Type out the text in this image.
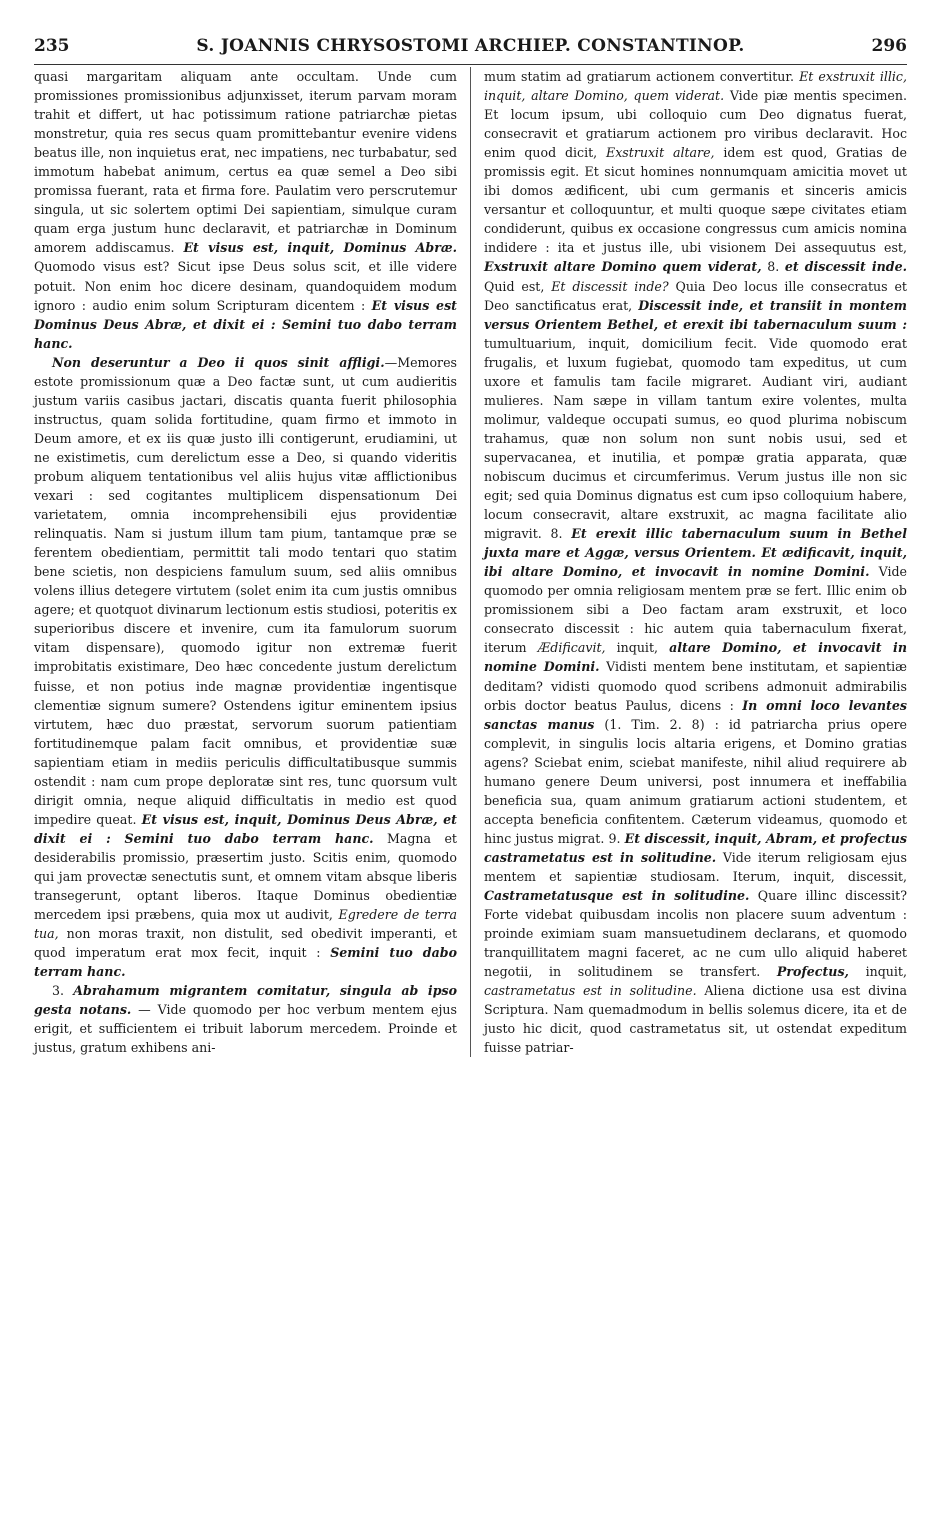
235	S. JOANNIS CHRYSOSTOMI ARCHIEP. CONSTANTINOP.	296

quasi margaritam aliquam ante occultam. Unde cum promissiones promissionibus adjunxisset, iterum parvam moram trahit et differt, ut hac potissimum ratione patriarchæ pietas monstretur, quia res secus quam promittebantur evenire videns beatus ille, non inquietus erat, nec impatiens, nec turbabatur, sed immotum habebat animum, certus ea quæ semel a Deo sibi promissa fuerant, rata et firma fore. Paulatim vero perscrutemur singula, ut sic solertem optimi Dei sapientiam, simulque curam quam erga justum hunc declaravit, et patriarchæ in Dominum amorem addiscamus. Et visus est, inquit, Dominus Abræ. Quomodo visus est? Sicut ipse Deus solus scit, et ille videre potuit. Non enim hoc dicere desinam, quandoquidem modum ignoro : audio enim solum Scripturam dicentem : Et visus est Dominus Deus Abræ, et dixit ei : Semini tuo dabo terram hanc.

Non deseruntur a Deo ii quos sinit affligi.—Memores estote promissionum quæ a Deo factæ sunt, ut cum audieritis justum variis casibus jactari, discatis quanta fuerit philosophia instructus, quam solida fortitudine, quam firmo et immoto in Deum amore, et ex iis quæ justo illi contigerunt, erudiamini, ut ne existimetis, cum derelictum esse a Deo, si quando videritis probum aliquem tentationibus vel aliis hujus vitæ afflictionibus vexari : sed cogitantes multiplicem dispensationum Dei varietatem, omnia incomprehensibili ejus providentiæ relinquatis. Nam si justum illum tam pium, tantamque præ se ferentem obedientiam, permittit tali modo tentari quo statim bene scietis, non despiciens famulum suum, sed aliis omnibus volens illius detegere virtutem (solet enim ita cum justis omnibus agere; et quotquot divinarum lectionum estis studiosi, poteritis ex superioribus discere et invenire, cum ita famulorum suorum vitam dispensare), quomodo igitur non extremæ fuerit improbitatis existimare, Deo hæc concedente justum derelictum fuisse, et non potius inde magnæ providentiæ ingentisque clementiæ signum sumere? Ostendens igitur eminentem ipsius virtutem, hæc duo præstat, servorum suorum patientiam fortitudinemque palam facit omnibus, et providentiæ suæ sapientiam etiam in mediis periculis difficultatibusque summis ostendit : nam cum prope deploratæ sint res, tunc quorsum vult dirigit omnia, neque aliquid difficultatis in medio est quod impedire queat. Et visus est, inquit, Dominus Deus Abræ, et dixit ei : Semini tuo dabo terram hanc. Magna et desiderabilis promissio, præsertim justo. Scitis enim, quomodo qui jam provectæ senectutis sunt, et omnem vitam absque liberis transegerunt, optant liberos. Itaque Dominus obedientiæ mercedem ipsi præbens, quia mox ut audivit, Egredere de terra tua, non moras traxit, non distulit, sed obedivit imperanti, et quod imperatum erat mox fecit, inquit : Semini tuo dabo terram hanc.

3. Abrahamum migrantem comitatur, singula ab ipso gesta notans. — Vide quomodo per hoc verbum mentem ejus erigit, et sufficientem ei tribuit laborum mercedem. Proinde et justus, gratum exhibens ani-

mum statim ad gratiarum actionem convertitur. Et exstruxit illic, inquit, altare Domino, quem viderat. Vide piæ mentis specimen. Et locum ipsum, ubi colloquio cum Deo dignatus fuerat, consecravit et gratiarum actionem pro viribus declaravit. Hoc enim quod dicit, Exstruxit altare, idem est quod, Gratias de promissis egit. Et sicut homines nonnumquam amicitia movet ut ibi domos ædificent, ubi cum germanis et sinceris amicis versantur et colloquuntur, et multi quoque sæpe civitates etiam condiderunt, quibus ex occasione congressus cum amicis nomina indidere : ita et justus ille, ubi visionem Dei assequutus est, Exstruxit altare Domino quem viderat, 8. et discessit inde. Quid est, Et discessit inde? Quia Deo locus ille consecratus et Deo sanctificatus erat, Discessit inde, et transiit in montem versus Orientem Bethel, et erexit ibi tabernaculum suum : tumultuarium, inquit, domicilium fecit. Vide quomodo erat frugalis, et luxum fugiebat, quomodo tam expeditus, ut cum uxore et famulis tam facile migraret. Audiant viri, audiant mulieres. Nam sæpe in villam tantum exire volentes, multa molimur, valdeque occupati sumus, eo quod plurima nobiscum trahamus, quæ non solum non sunt nobis usui, sed et supervacanea, et inutilia, et pompæ gratia apparata, quæ nobiscum ducimus et circumferimus. Verum justus ille non sic egit; sed quia Dominus dignatus est cum ipso colloquium habere, locum consecravit, altare exstruxit, ac magna facilitate alio migravit. 8. Et erexit illic tabernaculum suum in Bethel juxta mare et Aggæ, versus Orientem. Et ædificavit, inquit, ibi altare Domino, et invocavit in nomine Domini. Vide quomodo per omnia religiosam mentem præ se fert. Illic enim ob promissionem sibi a Deo factam aram exstruxit, et loco consecrato discessit : hic autem quia tabernaculum fixerat, iterum Ædificavit, inquit, altare Domino, et invocavit in nomine Domini. Vidisti mentem bene institutam, et sapientiæ deditam? vidisti quomodo quod scribens admonuit admirabilis orbis doctor beatus Paulus, dicens : In omni loco levantes sanctas manus (1. Tim. 2. 8) : id patriarcha prius opere complevit, in singulis locis altaria erigens, et Domino gratias agens? Sciebat enim, sciebat manifeste, nihil aliud requirere ab humano genere Deum universi, post innumera et ineffabilia beneficia sua, quam animum gratiarum actioni studentem, et accepta beneficia confitentem. Cæterum videamus, quomodo et hinc justus migrat. 9. Et discessit, inquit, Abram, et profectus castrametatus est in solitudine. Vide iterum religiosam ejus mentem et sapientiæ studiosam. Iterum, inquit, discessit, Castrametatusque est in solitudine. Quare illinc discessit? Forte videbat quibusdam incolis non placere suum adventum : proinde eximiam suam mansuetudinem declarans, et quomodo tranquillitatem magni faceret, ac ne cum ullo aliquid haberet negotii, in solitudinem se transfert. Profectus, inquit, castrametatus est in solitudine. Aliena dictione usa est divina Scriptura. Nam quemadmodum in bellis solemus dicere, ita et de justo hic dicit, quod castrametatus sit, ut ostendat expeditum fuisse patriar-
